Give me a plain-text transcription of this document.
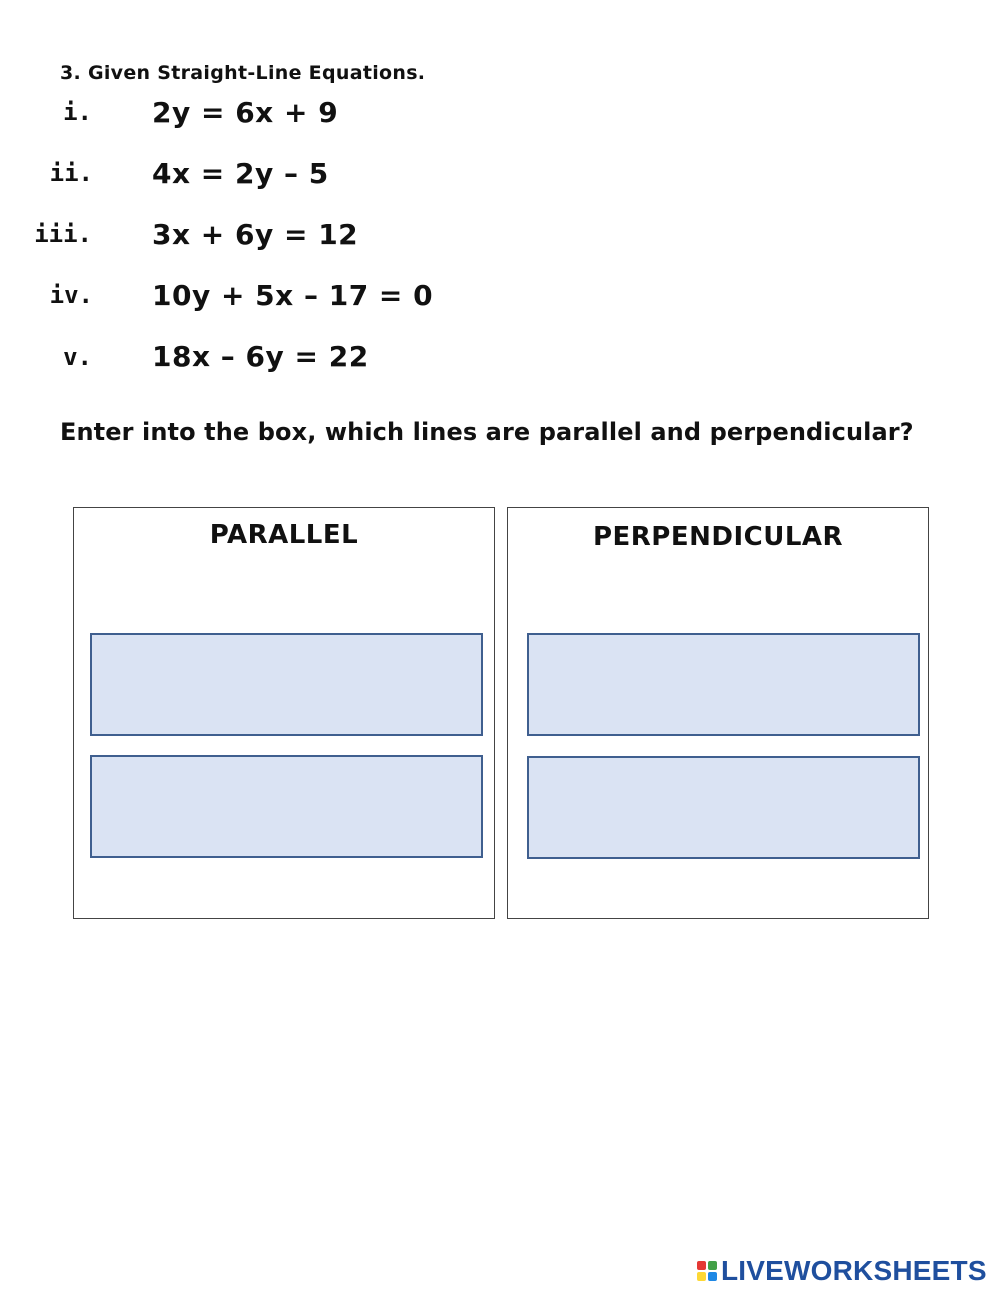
3. Given Straight-Line Equations.
i. 2y = 6x + 9
ii. 4x = 2y – 5
iii. 3x + 6y = 12
iv. 10y + 5x – 17 = 0
v. 18x – 6y = 22
Enter into the box, which lines are parallel and perpendicular?
PARALLEL	PERPENDICULAR
LIVEWORKSHEETS
